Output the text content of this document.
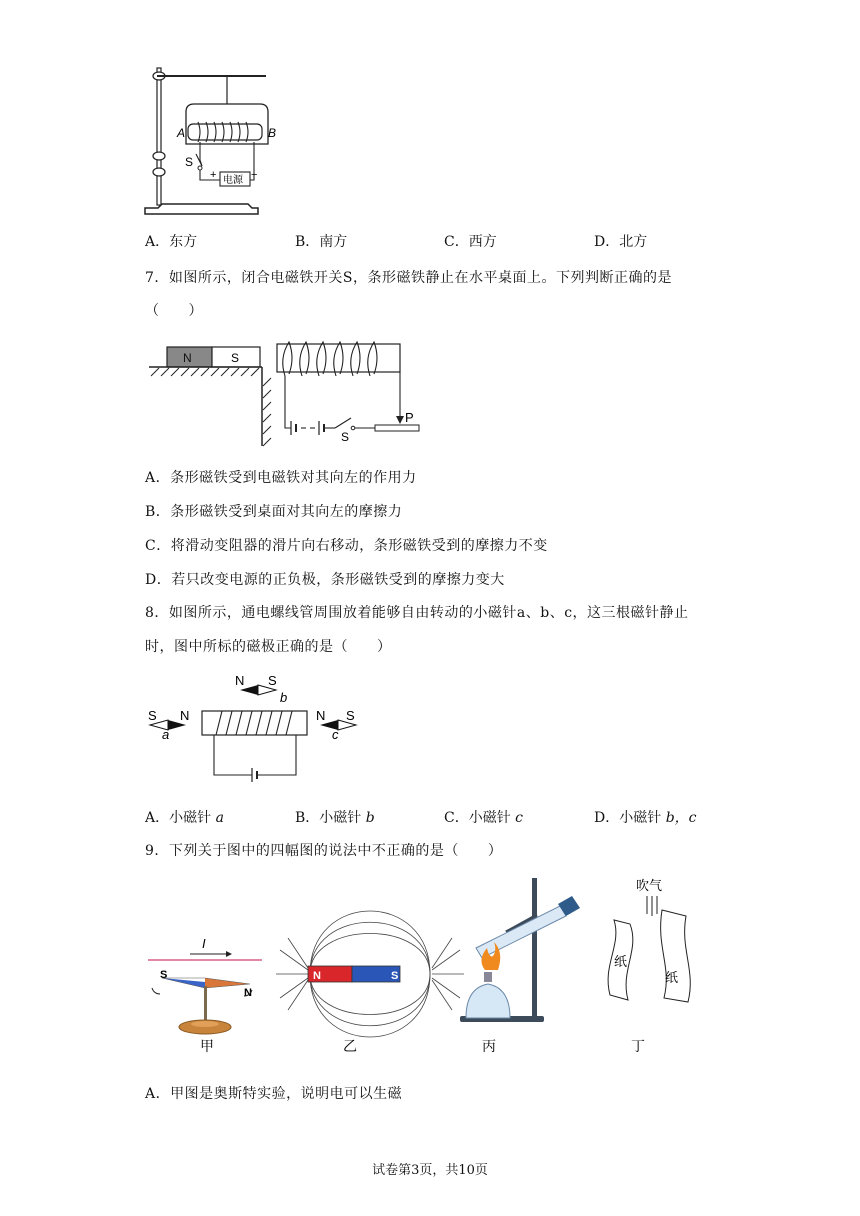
A	B
S
+ 电源 −
A．东方	B．南方	C．西方	D．北方
7．如图所示，闭合电磁铁开关S，条形磁铁静止在水平桌面上。下列判断正确的是
（　　）
N	S
S
P
A．条形磁铁受到电磁铁对其向左的作用力
B．条形磁铁受到桌面对其向左的摩擦力
C．将滑动变阻器的滑片向右移动，条形磁铁受到的摩擦力不变
D．若只改变电源的正负极，条形磁铁受到的摩擦力变大
8．如图所示，通电螺线管周围放着能够自由转动的小磁针a、b、c，这三根磁针静止
时，图中所标的磁极正确的是（　　）
N S
b
S N
a
N S
c
A．小磁针 a	B．小磁针 b	C．小磁针 c	D．小磁针 b，c
9．下列关于图中的四幅图的说法中不正确的是（　　）
I
S
N
N	S
吹气
纸
纸
甲	乙	丙	丁
A．甲图是奥斯特实验，说明电可以生磁
试卷第3页，共10页
